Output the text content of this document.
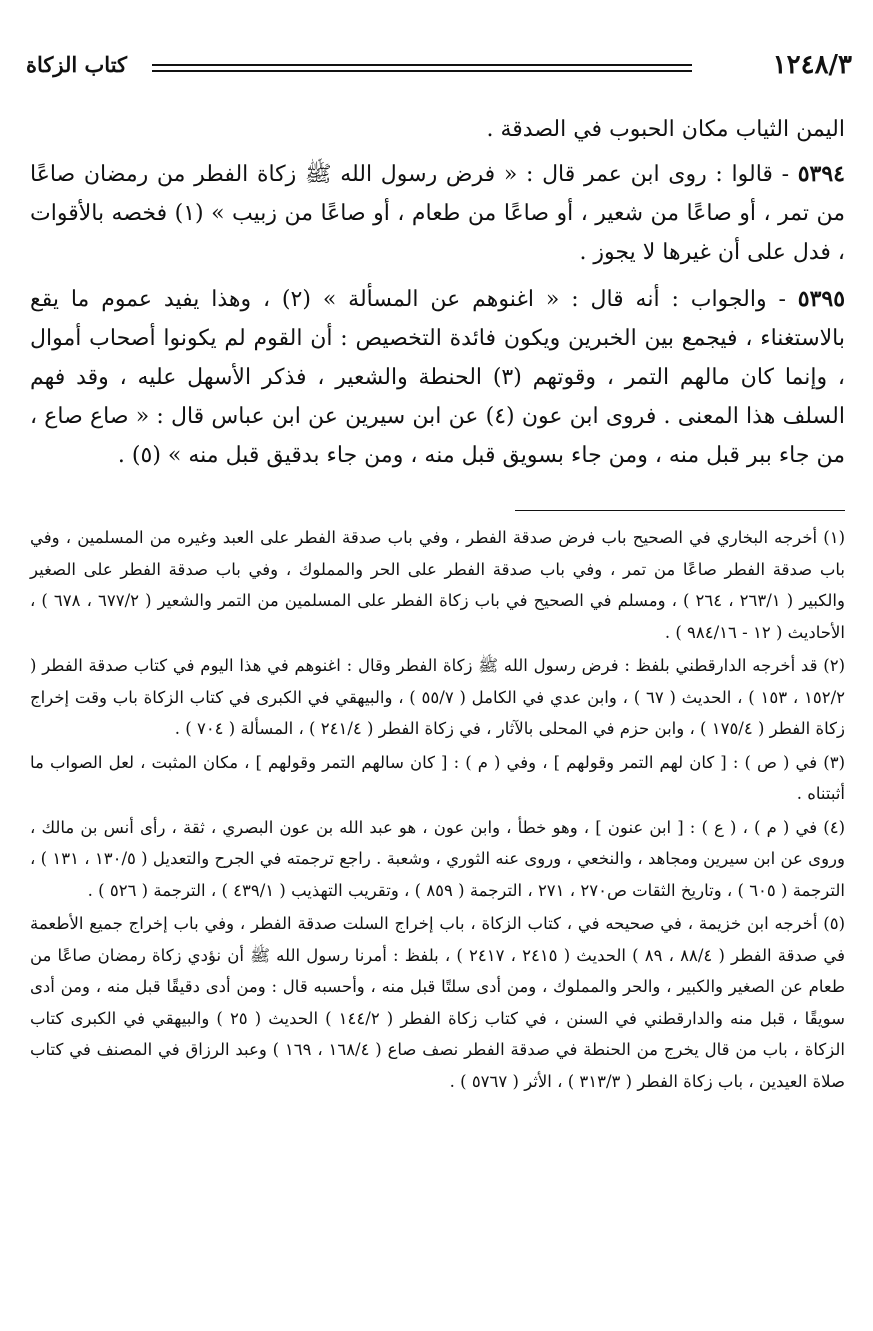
كتاب الزكاة	١٢٤٨/٣

اليمن الثياب مكان الحبوب في الصدقة .

٥٣٩٤ - قالوا : روى ابن عمر قال : « فرض رسول الله ﷺ زكاة الفطر من رمضان صاعًا من تمر ، أو صاعًا من شعير ، أو صاعًا من طعام ، أو صاعًا من زبيب » (١) فخصه بالأقوات ، فدل على أن غيرها لا يجوز .

٥٣٩٥ - والجواب : أنه قال : « اغنوهم عن المسألة » (٢) ، وهذا يفيد عموم ما يقع بالاستغناء ، فيجمع بين الخبرين ويكون فائدة التخصيص : أن القوم لم يكونوا أصحاب أموال ، وإنما كان مالهم التمر ، وقوتهم (٣) الحنطة والشعير ، فذكر الأسهل عليه ، وقد فهم السلف هذا المعنى . فروى ابن عون (٤) عن ابن سيرين عن ابن عباس قال : « صاع صاع ، من جاء ببر قبل منه ، ومن جاء بسويق قبل منه ، ومن جاء بدقيق قبل منه » (٥) .

(١) أخرجه البخاري في الصحيح باب فرض صدقة الفطر ، وفي باب صدقة الفطر على العبد وغيره من المسلمين ، وفي باب صدقة الفطر صاعًا من تمر ، وفي باب صدقة الفطر على الحر والمملوك ، وفي باب صدقة الفطر على الصغير والكبير ( ٢٦٣/١ ، ٢٦٤ ) ، ومسلم في الصحيح في باب زكاة الفطر على المسلمين من التمر والشعير ( ٦٧٧/٢ ، ٦٧٨ ) ، الأحاديث ( ١٢ - ٩٨٤/١٦ ) .

(٢) قد أخرجه الدارقطني بلفظ : فرض رسول الله ﷺ زكاة الفطر وقال : اغنوهم في هذا اليوم في كتاب صدقة الفطر ( ١٥٢/٢ ، ١٥٣ ) ، الحديث ( ٦٧ ) ، وابن عدي في الكامل ( ٥٥/٧ ) ، والبيهقي في الكبرى في كتاب الزكاة باب وقت إخراج زكاة الفطر ( ١٧٥/٤ ) ، وابن حزم في المحلى بالآثار ، في زكاة الفطر ( ٢٤١/٤ ) ، المسألة ( ٧٠٤ ) .

(٣) في ( ص ) : [ كان لهم التمر وقولهم ] ، وفي ( م ) : [ كان سالهم التمر وقولهم ] ، مكان المثبت ، لعل الصواب ما أثبتناه .

(٤) في ( م ) ، ( ع ) : [ ابن عنون ] ، وهو خطأ ، وابن عون ، هو عبد الله بن عون البصري ، ثقة ، رأى أنس بن مالك ، وروى عن ابن سيرين ومجاهد ، والنخعي ، وروى عنه الثوري ، وشعبة . راجع ترجمته في الجرح والتعديل ( ١٣٠/٥ ، ١٣١ ) ، الترجمة ( ٦٠٥ ) ، وتاريخ الثقات ص٢٧٠ ، ٢٧١ ، الترجمة ( ٨٥٩ ) ، وتقريب التهذيب ( ٤٣٩/١ ) ، الترجمة ( ٥٢٦ ) .

(٥) أخرجه ابن خزيمة ، في صحيحه في ، كتاب الزكاة ، باب إخراج السلت صدقة الفطر ، وفي باب إخراج جميع الأطعمة في صدقة الفطر ( ٨٨/٤ ، ٨٩ ) الحديث ( ٢٤١٥ ، ٢٤١٧ ) ، بلفظ : أمرنا رسول الله ﷺ أن نؤدي زكاة رمضان صاعًا من طعام عن الصغير والكبير ، والحر والمملوك ، ومن أدى سلتًا قبل منه ، وأحسبه قال : ومن أدى دقيقًا قبل منه ، ومن أدى سويقًا ، قبل منه والدارقطني في السنن ، في كتاب زكاة الفطر ( ١٤٤/٢ ) الحديث ( ٢٥ ) والبيهقي في الكبرى كتاب الزكاة ، باب من قال يخرج من الحنطة في صدقة الفطر نصف صاع ( ١٦٨/٤ ، ١٦٩ ) وعبد الرزاق في المصنف في كتاب صلاة العيدين ، باب زكاة الفطر ( ٣١٣/٣ ) ، الأثر ( ٥٧٦٧ ) .
